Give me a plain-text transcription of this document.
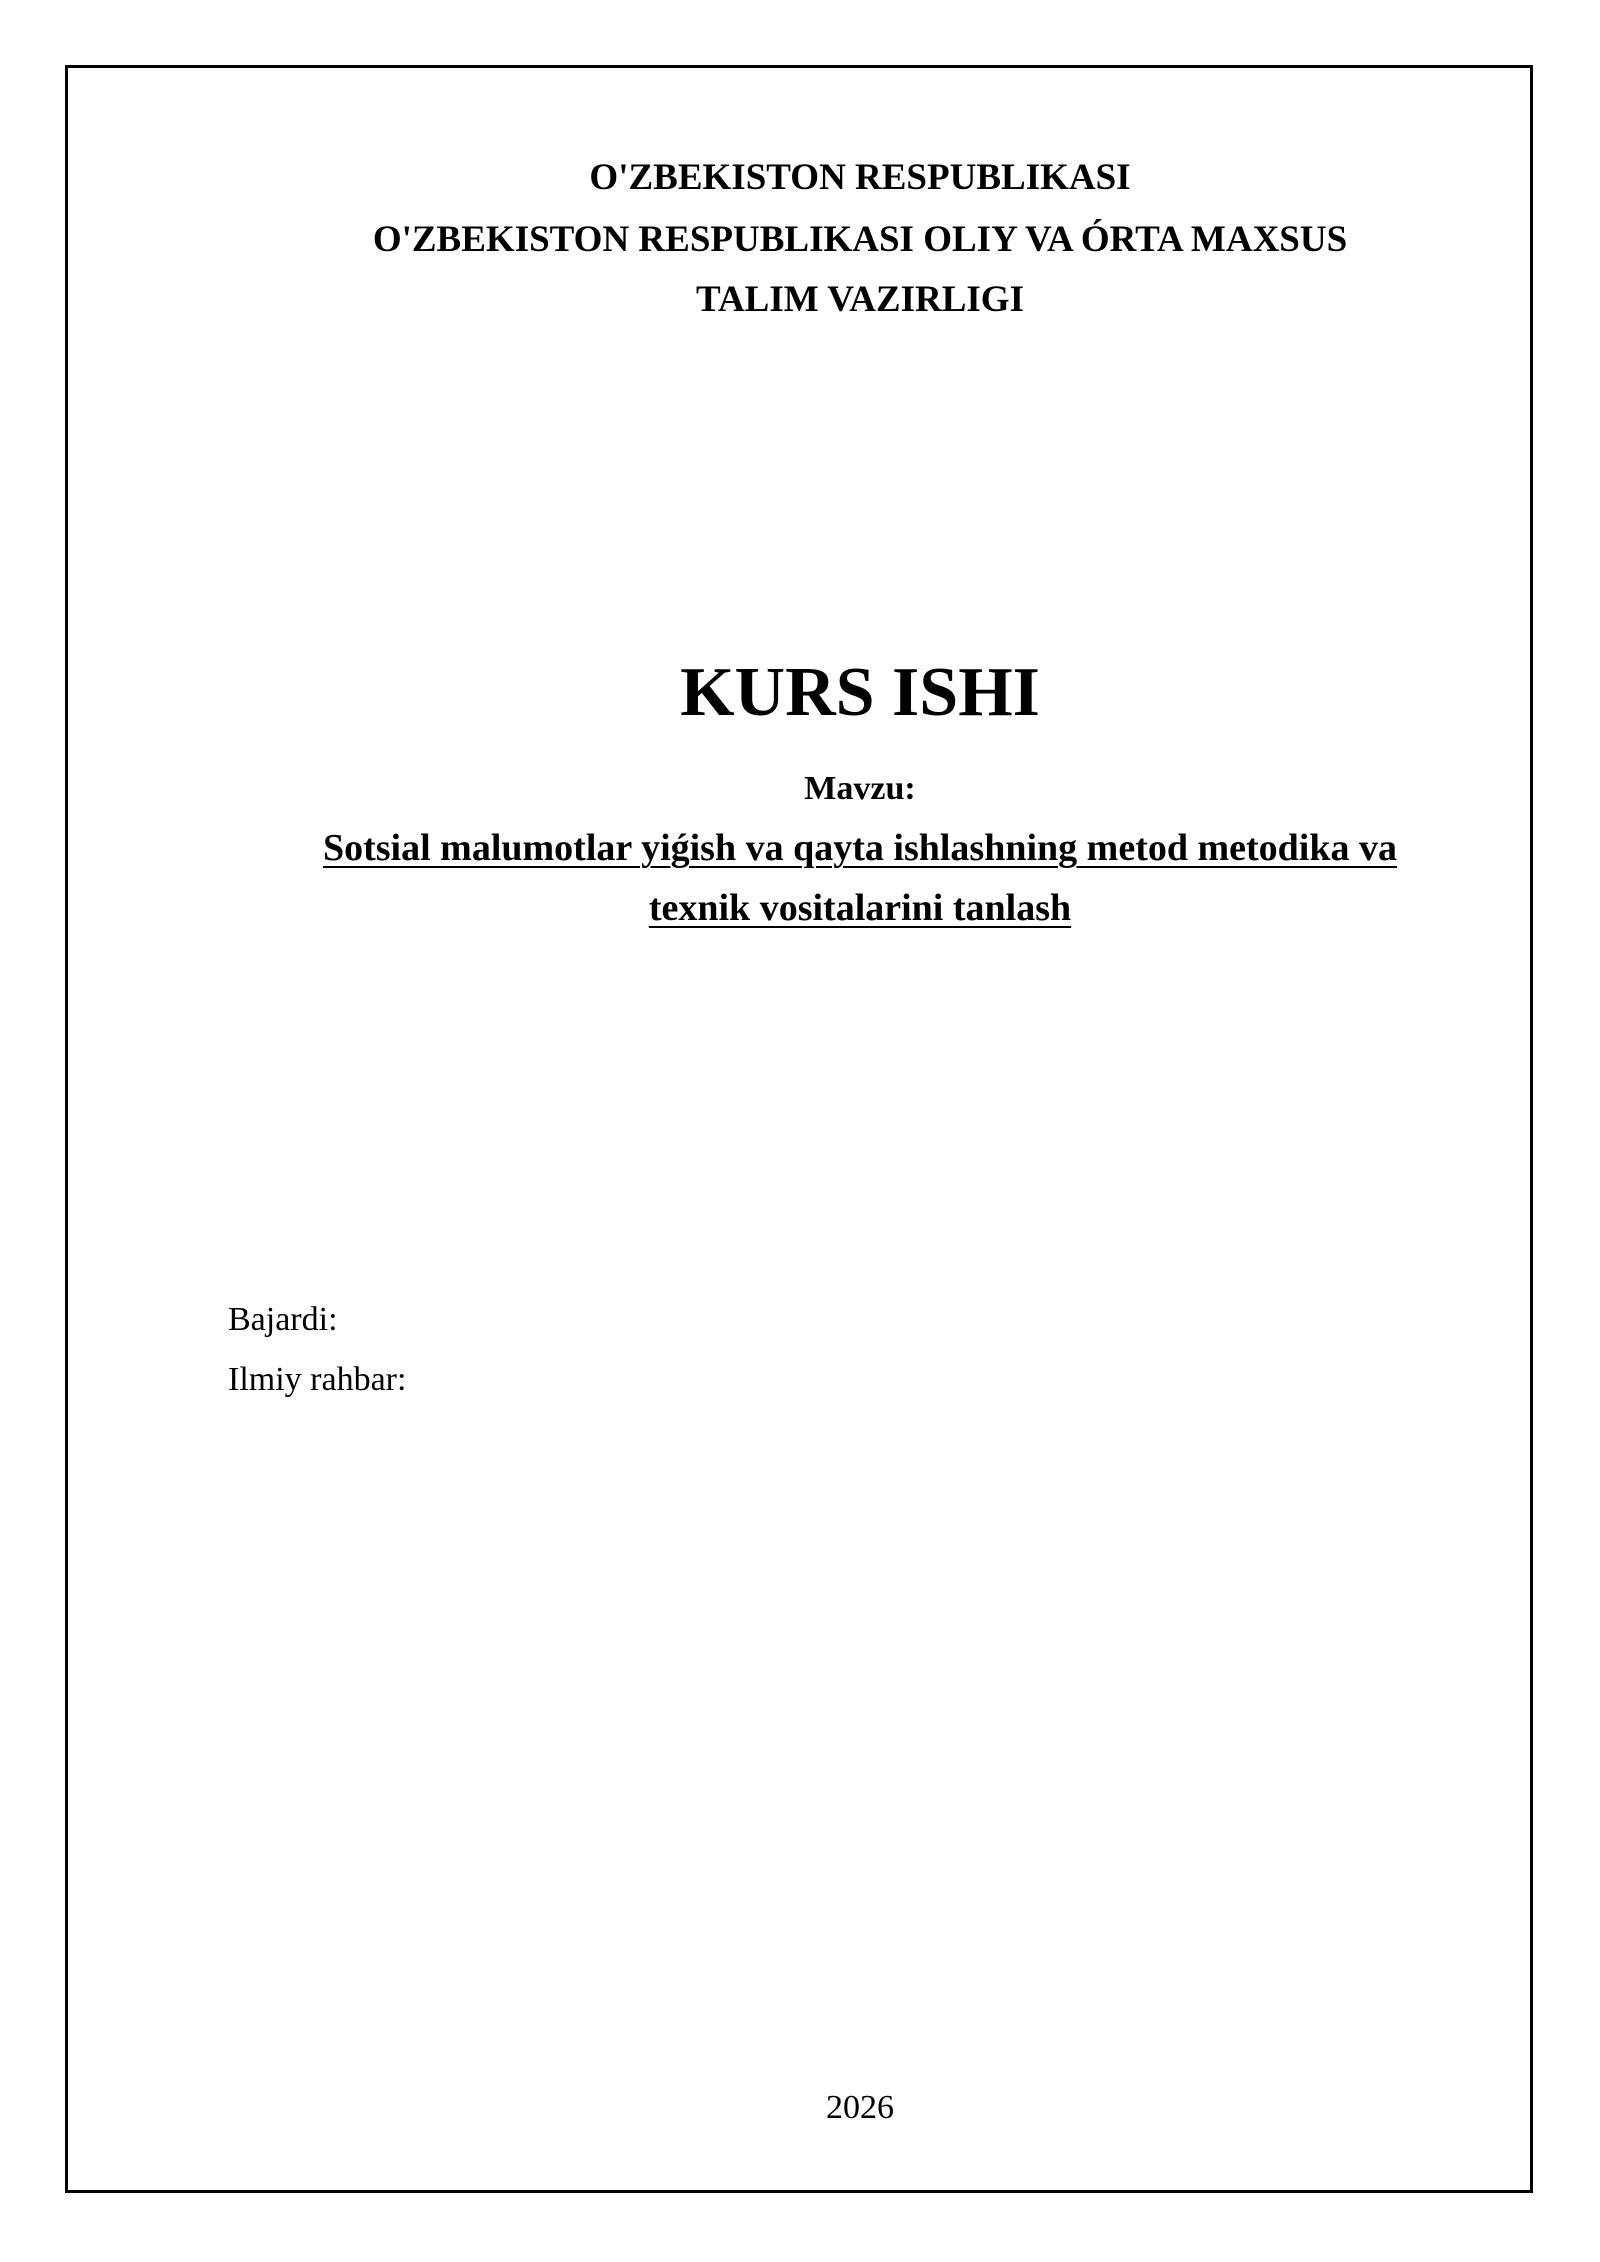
O'ZBEKISTON RESPUBLIKASI
O'ZBEKISTON RESPUBLIKASI OLIY VA ÓRTA MAXSUS
TALIM VAZIRLIGI
KURS ISHI
Mavzu:
Sotsial malumotlar yiǵish va qayta ishlashning metod metodika va
texnik vositalarini tanlash
Bajardi:
Ilmiy rahbar:
2026
